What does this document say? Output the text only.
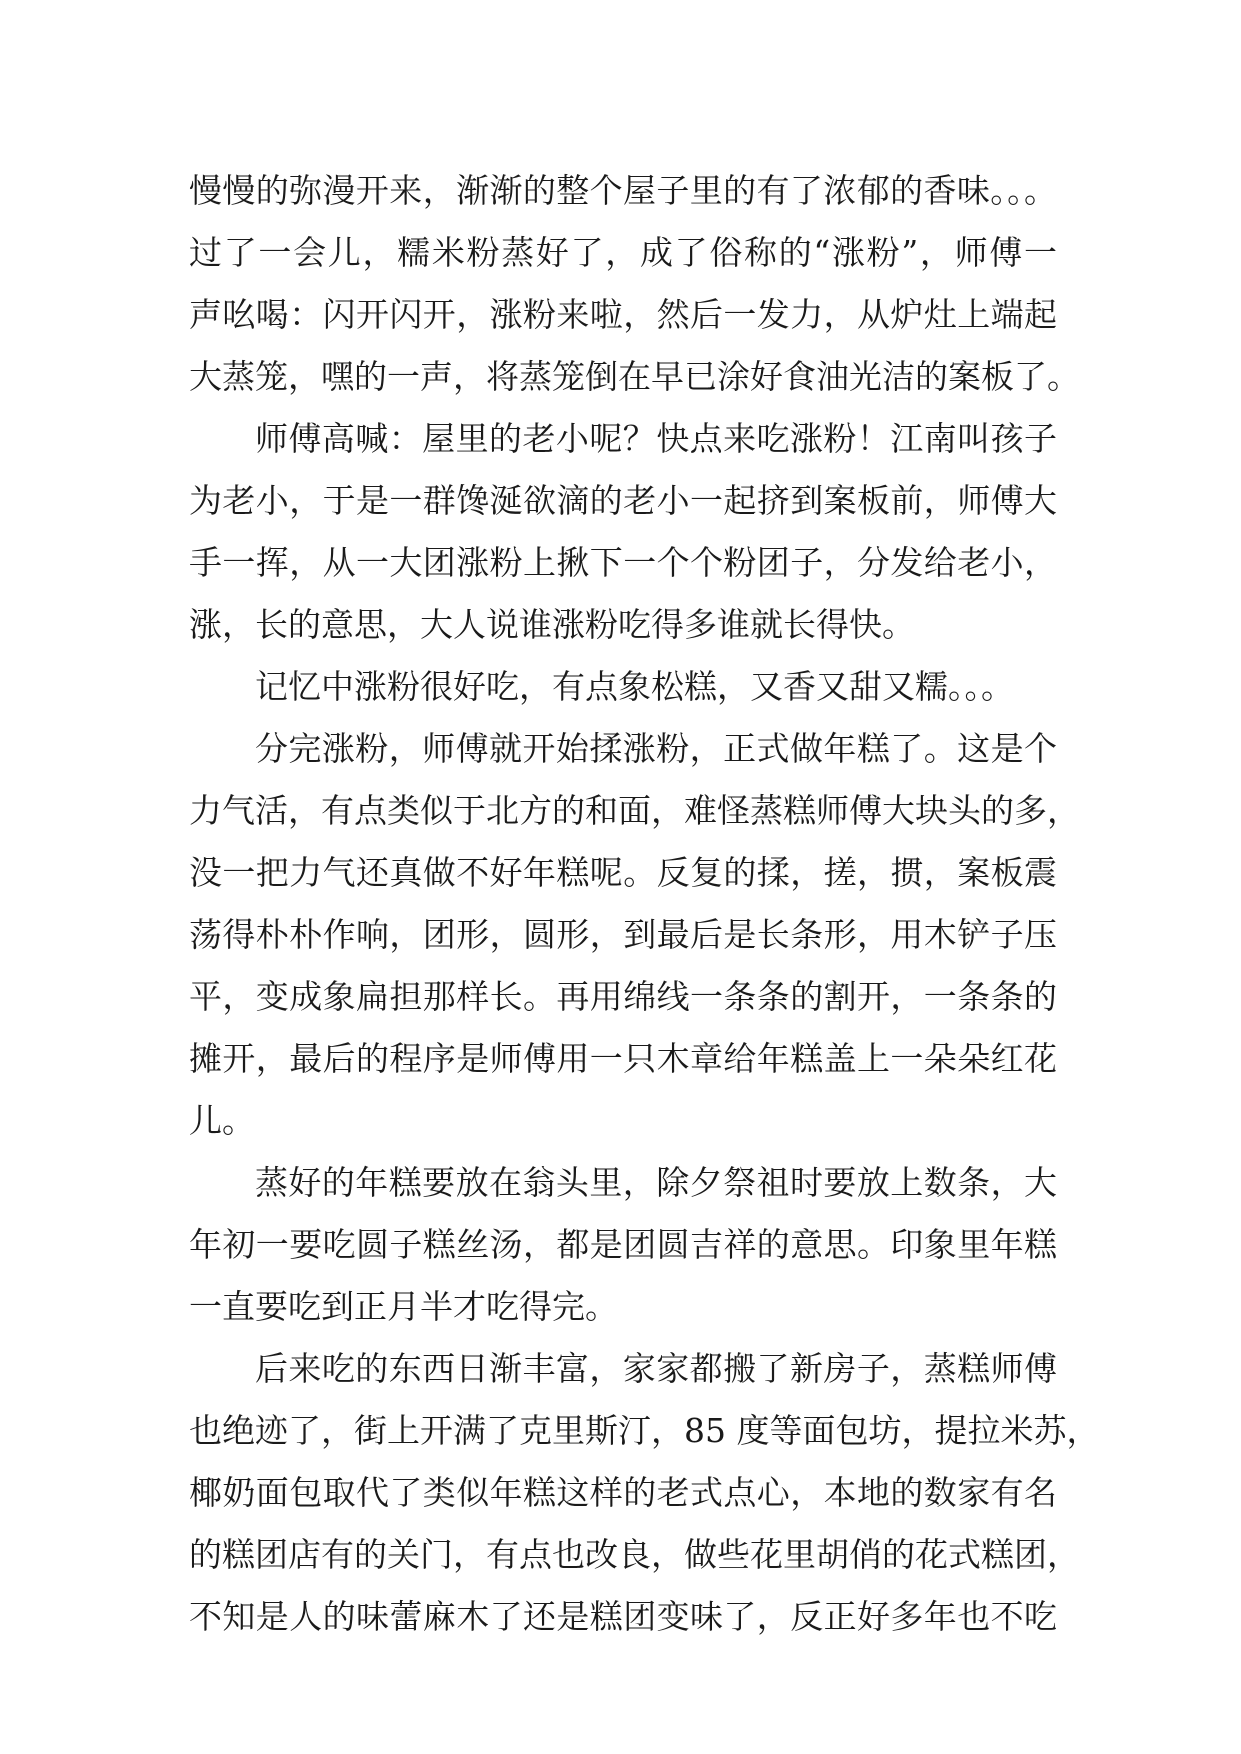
慢慢的弥漫开来，渐渐的整个屋子里的有了浓郁的香味。。。
过了一会儿，糯米粉蒸好了，成了俗称的“涨粉”，师傅一
声吆喝：闪开闪开，涨粉来啦，然后一发力，从炉灶上端起
大蒸笼，嘿的一声，将蒸笼倒在早已涂好食油光洁的案板了。
师傅高喊：屋里的老小呢？快点来吃涨粉！江南叫孩子
为老小，于是一群馋涎欲滴的老小一起挤到案板前，师傅大
手一挥，从一大团涨粉上揪下一个个粉团子，分发给老小，
涨，长的意思，大人说谁涨粉吃得多谁就长得快。
记忆中涨粉很好吃，有点象松糕，又香又甜又糯。。。
分完涨粉，师傅就开始揉涨粉，正式做年糕了。这是个
力气活，有点类似于北方的和面，难怪蒸糕师傅大块头的多，
没一把力气还真做不好年糕呢。反复的揉，搓，掼，案板震
荡得朴朴作响，团形，圆形，到最后是长条形，用木铲子压
平，变成象扁担那样长。再用绵线一条条的割开，一条条的
摊开，最后的程序是师傅用一只木章给年糕盖上一朵朵红花
儿。
蒸好的年糕要放在翁头里，除夕祭祖时要放上数条，大
年初一要吃圆子糕丝汤，都是团圆吉祥的意思。印象里年糕
一直要吃到正月半才吃得完。
后来吃的东西日渐丰富，家家都搬了新房子，蒸糕师傅
也绝迹了，街上开满了克里斯汀，85 度等面包坊，提拉米苏，
椰奶面包取代了类似年糕这样的老式点心，本地的数家有名
的糕团店有的关门，有点也改良，做些花里胡俏的花式糕团，
不知是人的味蕾麻木了还是糕团变味了，反正好多年也不吃
